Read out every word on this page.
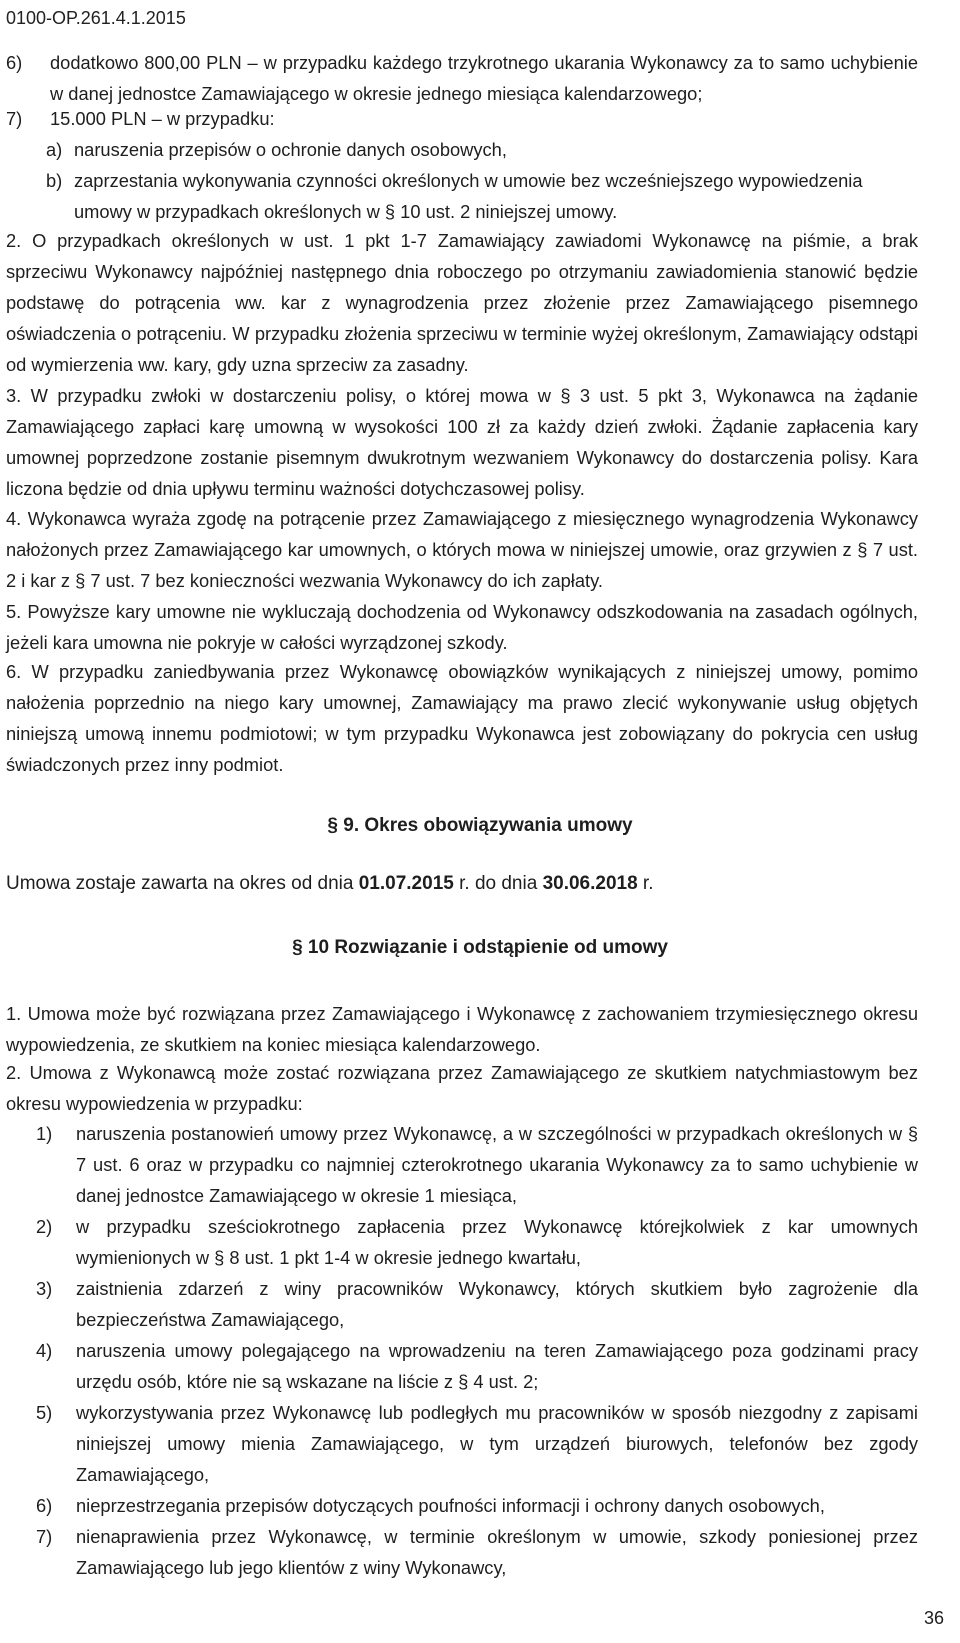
0100-OP.261.4.1.2015
6) dodatkowo 800,00 PLN – w przypadku każdego trzykrotnego ukarania Wykonawcy za to samo uchybienie w danej jednostce Zamawiającego w okresie jednego miesiąca kalendarzowego;
7) 15.000 PLN – w przypadku:
a) naruszenia przepisów o ochronie danych osobowych,
b) zaprzestania wykonywania czynności określonych w umowie bez wcześniejszego wypowiedzenia umowy w przypadkach określonych w § 10 ust. 2 niniejszej umowy.
2. O przypadkach określonych w ust. 1 pkt 1-7 Zamawiający zawiadomi Wykonawcę na piśmie, a brak sprzeciwu Wykonawcy najpóźniej następnego dnia roboczego po otrzymaniu zawiadomienia stanowić będzie podstawę do potrącenia ww. kar z wynagrodzenia przez złożenie przez Zamawiającego pisemnego oświadczenia o potrąceniu. W przypadku złożenia sprzeciwu w terminie wyżej określonym, Zamawiający odstąpi od wymierzenia ww. kary, gdy uzna sprzeciw za zasadny.
3. W przypadku zwłoki w dostarczeniu polisy, o której mowa w § 3 ust. 5 pkt 3, Wykonawca na żądanie Zamawiającego zapłaci karę umowną w wysokości 100 zł za każdy dzień zwłoki. Żądanie zapłacenia kary umownej poprzedzone zostanie pisemnym dwukrotnym wezwaniem Wykonawcy do dostarczenia polisy. Kara liczona będzie od dnia upływu terminu ważności dotychczasowej polisy.
4. Wykonawca wyraża zgodę na potrącenie przez Zamawiającego z miesięcznego wynagrodzenia Wykonawcy nałożonych przez Zamawiającego kar umownych, o których mowa w niniejszej umowie, oraz grzywien z § 7 ust. 2 i kar z § 7 ust. 7 bez konieczności wezwania Wykonawcy do ich zapłaty.
5. Powyższe kary umowne nie wykluczają dochodzenia od Wykonawcy odszkodowania na zasadach ogólnych, jeżeli kara umowna nie pokryje w całości wyrządzonej szkody.
6. W przypadku zaniedbywania przez Wykonawcę obowiązków wynikających z niniejszej umowy, pomimo nałożenia poprzednio na niego kary umownej, Zamawiający ma prawo zlecić wykonywanie usług objętych niniejszą umową innemu podmiotowi; w tym przypadku Wykonawca jest zobowiązany do pokrycia cen usług świadczonych przez inny podmiot.
§ 9. Okres obowiązywania umowy
Umowa zostaje zawarta na okres od dnia 01.07.2015 r. do dnia 30.06.2018 r.
§ 10 Rozwiązanie i odstąpienie od umowy
1. Umowa może być rozwiązana przez Zamawiającego i Wykonawcę z zachowaniem trzymiesięcznego okresu wypowiedzenia, ze skutkiem na koniec miesiąca kalendarzowego.
2. Umowa z Wykonawcą może zostać rozwiązana przez Zamawiającego ze skutkiem natychmiastowym bez okresu wypowiedzenia w przypadku:
1) naruszenia postanowień umowy przez Wykonawcę, a w szczególności w przypadkach określonych w § 7 ust. 6 oraz w przypadku co najmniej czterokrotnego ukarania Wykonawcy za to samo uchybienie w danej jednostce Zamawiającego w okresie 1 miesiąca,
2) w przypadku sześciokrotnego zapłacenia przez Wykonawcę którejkolwiek z kar umownych wymienionych w § 8 ust. 1 pkt 1-4 w okresie jednego kwartału,
3) zaistnienia zdarzeń z winy pracowników Wykonawcy, których skutkiem było zagrożenie dla bezpieczeństwa Zamawiającego,
4) naruszenia umowy polegającego na wprowadzeniu na teren Zamawiającego poza godzinami pracy urzędu osób, które nie są wskazane na liście z § 4 ust. 2;
5) wykorzystywania przez Wykonawcę lub podległych mu pracowników w sposób niezgodny z zapisami niniejszej umowy mienia Zamawiającego, w tym urządzeń biurowych, telefonów bez zgody Zamawiającego,
6) nieprzestrzegania przepisów dotyczących poufności informacji i ochrony danych osobowych,
7) nienaprawienia przez Wykonawcę, w terminie określonym w umowie, szkody poniesionej przez Zamawiającego lub jego klientów z winy Wykonawcy,
36
